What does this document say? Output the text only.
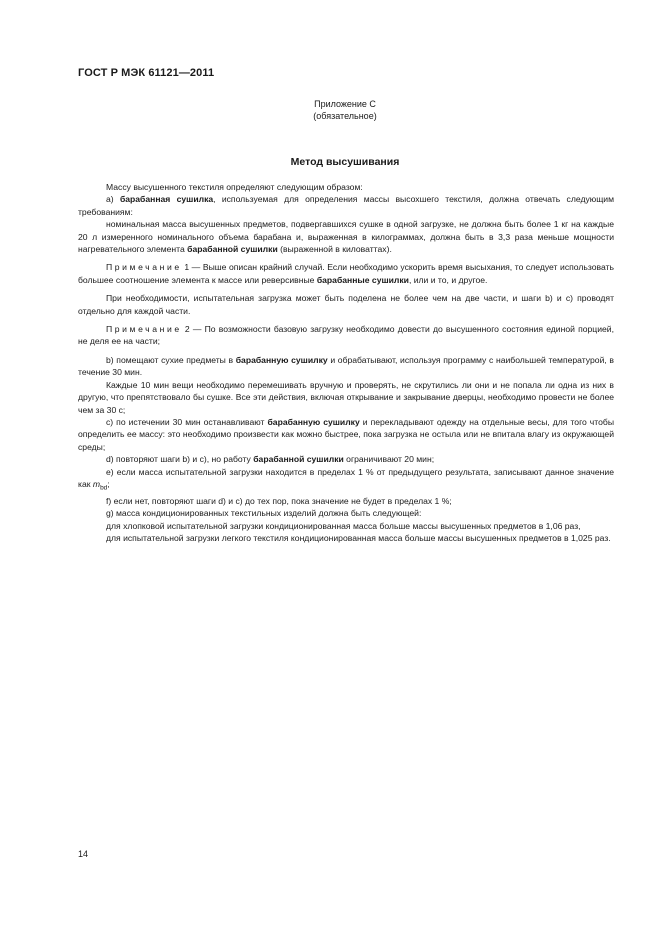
ГОСТ Р МЭК 61121—2011
Приложение С
(обязательное)
Метод высушивания

Массу высушенного текстиля определяют следующим образом:

а) барабанная сушилка, используемая для определения массы высохшего текстиля, должна отвечать следующим требованиям:

номинальная масса высушенных предметов, подвергавшихся сушке в одной загрузке, не должна быть более 1 кг на каждые 20 л измеренного номинального объема барабана и, выраженная в килограммах, должна быть в 3,3 раза меньше мощности нагревательного элемента барабанной сушилки (выраженной в киловаттах).

Примечание 1 — Выше описан крайний случай. Если необходимо ускорить время высыхания, то следует использовать большее соотношение элемента к массе или реверсивные барабанные сушилки, или и то, и другое.

При необходимости, испытательная загрузка может быть поделена не более чем на две части, и шаги b) и c) проводят отдельно для каждой части.

Примечание 2 — По возможности базовую загрузку необходимо довести до высушенного состояния единой порцией, не деля ее на части;

b) помещают сухие предметы в барабанную сушилку и обрабатывают, используя программу с наибольшей температурой, в течение 30 мин.

Каждые 10 мин вещи необходимо перемешивать вручную и проверять, не скрутились ли они и не попала ли одна из них в другую, что препятствовало бы сушке. Все эти действия, включая открывание и закрывание дверцы, необходимо провести не более чем за 30 с;

c) по истечении 30 мин останавливают барабанную сушилку и перекладывают одежду на отдельные весы, для того чтобы определить ее массу: это необходимо произвести как можно быстрее, пока загрузка не остыла или не впитала влагу из окружающей среды;

d) повторяют шаги b) и c), но работу барабанной сушилки ограничивают 20 мин;

e) если масса испытательной загрузки находится в пределах 1 % от предыдущего результата, записывают данное значение как $m_{bd}$;

f) если нет, повторяют шаги d) и c) до тех пор, пока значение не будет в пределах 1 %;

g) масса кондиционированных текстильных изделий должна быть следующей:

для хлопковой испытательной загрузки кондиционированная масса больше массы высушенных предметов в 1,06 раз,

для испытательной загрузки легкого текстиля кондиционированная масса больше массы высушенных предметов в 1,025 раз.

14
